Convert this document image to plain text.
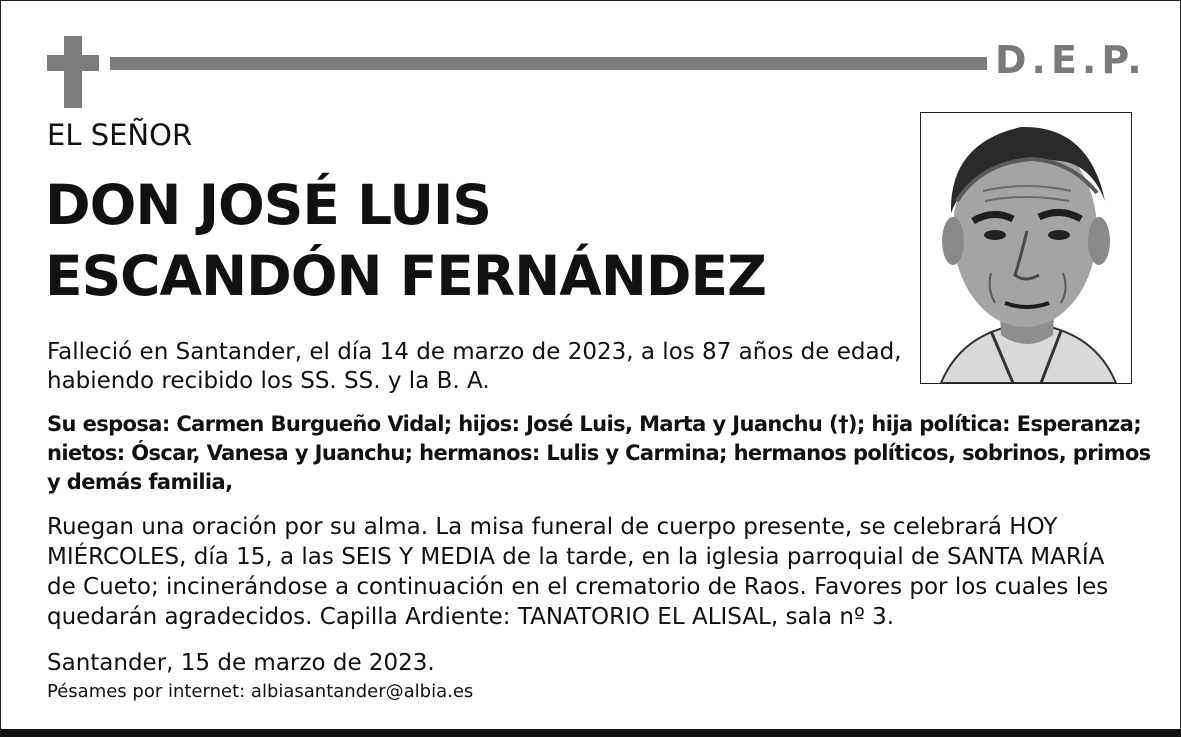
D.E.P.
EL SEÑOR
DON JOSÉ LUIS
ESCANDÓN FERNÁNDEZ
Falleció en Santander, el día 14 de marzo de 2023, a los 87 años de edad,
habiendo recibido los SS. SS. y la B. A.
Su esposa: Carmen Burgueño Vidal; hijos: José Luis, Marta y Juanchu (†); hija política: Esperanza;
nietos: Óscar, Vanesa y Juanchu; hermanos: Lulis y Carmina; hermanos políticos, sobrinos, primos
y demás familia,
Ruegan una oración por su alma. La misa funeral de cuerpo presente, se celebrará HOY
MIÉRCOLES, día 15, a las SEIS Y MEDIA de la tarde, en la iglesia parroquial de SANTA MARÍA
de Cueto; incinerándose a continuación en el crematorio de Raos. Favores por los cuales les
quedarán agradecidos. Capilla Ardiente: TANATORIO EL ALISAL, sala nº 3.
Santander, 15 de marzo de 2023.
Pésames por internet: albiasantander@albia.es
